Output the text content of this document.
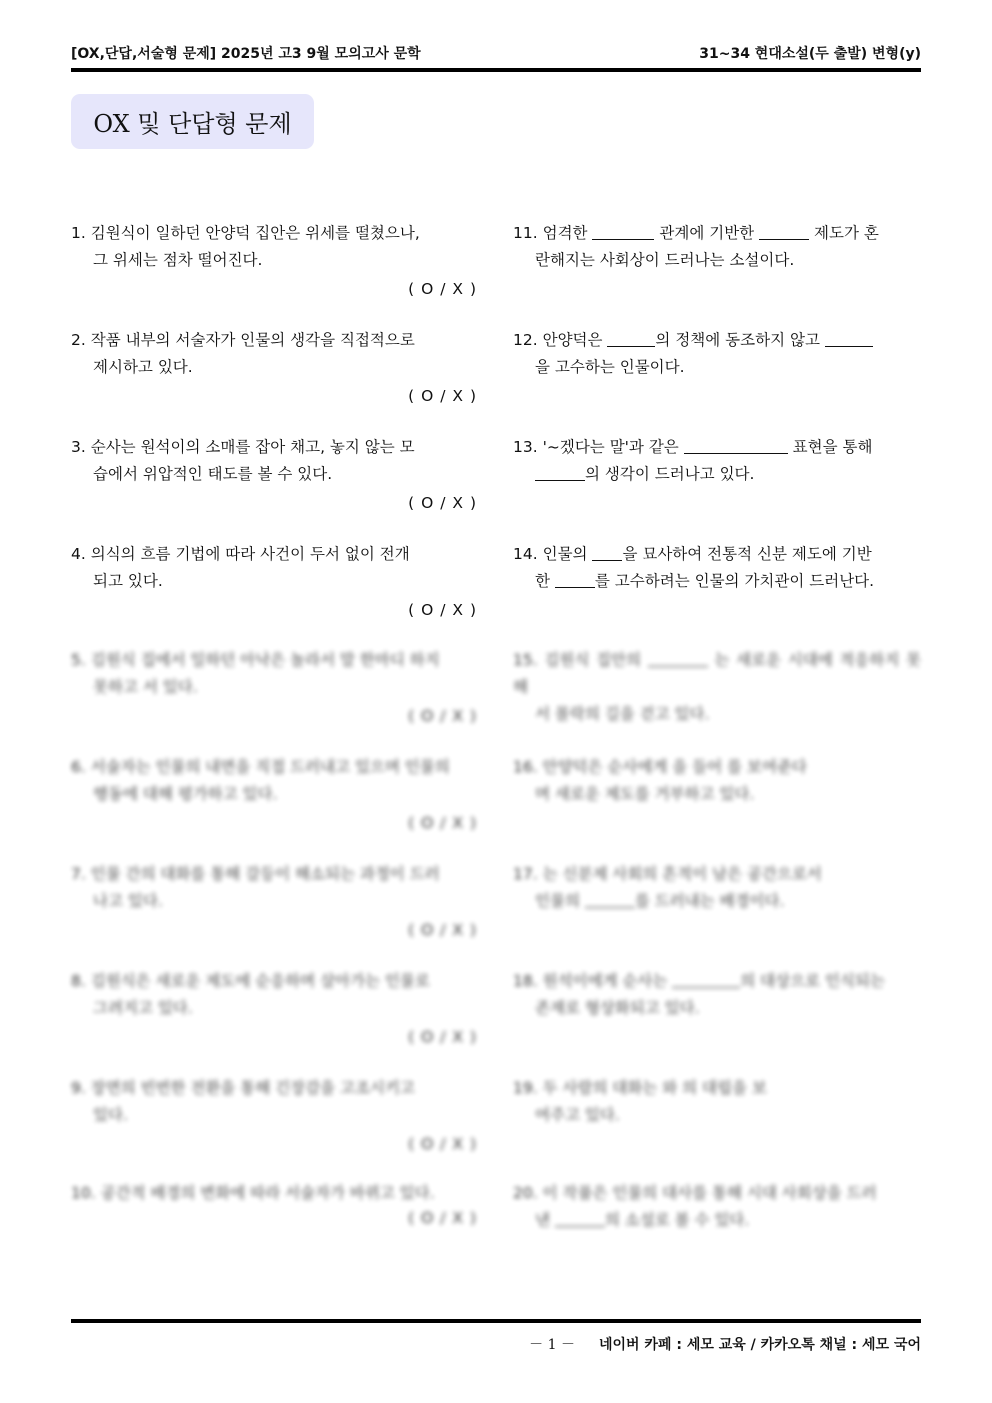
[OX,단답,서술형 문제] 2025년 고3 9월 모의고사 문학	31~34 현대소설(두 출발) 변형(y)
OX 및 단답형 문제
1. 김원식이 일하던 안양덕 집안은 위세를 떨쳤으나,
그 위세는 점차 떨어진다.
( O / X )
2. 작품 내부의 서술자가 인물의 생각을 직접적으로
제시하고 있다.
( O / X )
3. 순사는 원석이의 소매를 잡아 채고, 놓지 않는 모
습에서 위압적인 태도를 볼 수 있다.
( O / X )
4. 의식의 흐름 기법에 따라 사건이 두서 없이 전개
되고 있다.
( O / X )
5. 김원식 집에서 일하던 아낙은 놀라서 말 한마디 하지
못하고 서 있다.
( O / X )
6. 서술자는 인물의 내면을 직접 드러내고 있으며 인물의
행동에 대해 평가하고 있다.
( O / X )
7. 인물 간의 대화를 통해 갈등이 해소되는 과정이 드러
나고 있다.
( O / X )
8. 김원식은 새로운 제도에 순응하며 살아가는 인물로
그려지고 있다.
( O / X )
9. 장면의 빈번한 전환을 통해 긴장감을 고조시키고
있다.
( O / X )
10. 공간적 배경의 변화에 따라 서술자가 바뀌고 있다.
( O / X )
11. 엄격한	관계에 기반한	제도가 혼
란해지는 사회상이 드러나는 소설이다.
12. 안양덕은	의 정책에 동조하지 않고
을 고수하는 인물이다.
13. '~겠다는 말'과 같은	표현을 통해
의 생각이 드러나고 있다.
14. 인물의 을 묘사하여 전통적 신분 제도에 기반
한	를 고수하려는 인물의 가치관이 드러난다.
15. 김원식 집안의	는 새로운 시대에 적응하지 못해
서 몰락의 길을 걷고 있다.
16. 안양덕은 순사에게 을 들어 를 보여준다
며 새로운 제도를 거부하고 있다.
17. 는 신분제 사회의 흔적이 남은 공간으로서
인물의	를 드러내는 배경이다.
18. 원석이에게 순사는	의 대상으로 인식되는
존재로 형상화되고 있다.
19. 두 사람의 대화는 와 의 대립을 보
여주고 있다.
20. 이 작품은 인물의 대사를 통해 시대 사회상을 드러
낸	의 소설로 볼 수 있다.
－ 1 － 네이버 카페 : 세모 교육 / 카카오톡 채널 : 세모 국어
